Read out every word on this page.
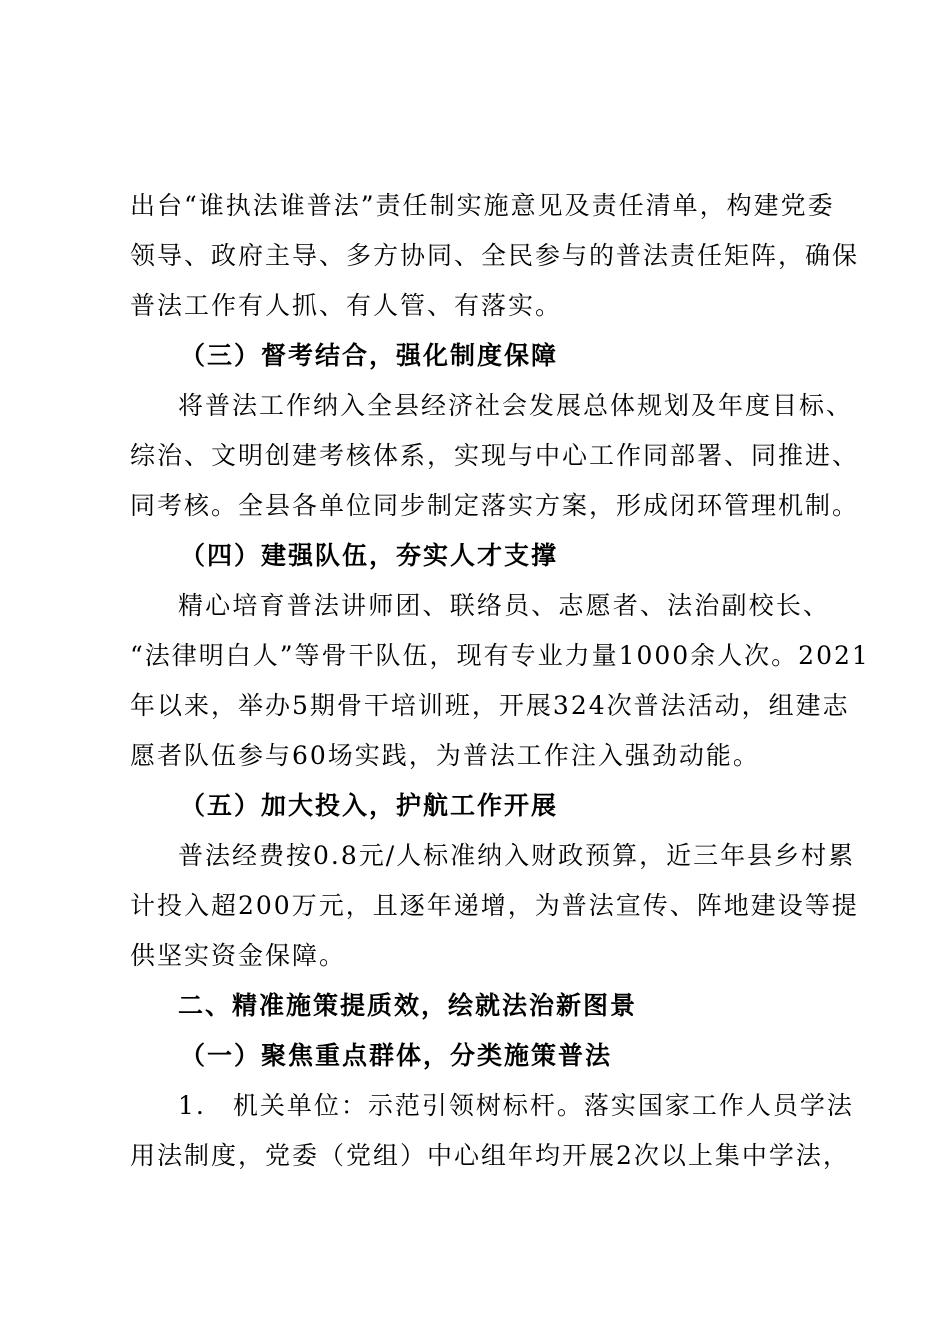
出台“谁执法谁普法”责任制实施意见及责任清单，构建党委
领导、政府主导、多方协同、全民参与的普法责任矩阵，确保
普法工作有人抓、有人管、有落实。
（三）督考结合，强化制度保障
将普法工作纳入全县经济社会发展总体规划及年度目标、
综治、文明创建考核体系，实现与中心工作同部署、同推进、
同考核。全县各单位同步制定落实方案，形成闭环管理机制。
（四）建强队伍，夯实人才支撑
精心培育普法讲师团、联络员、志愿者、法治副校长、
“法律明白人”等骨干队伍，现有专业力量1000余人次。2021
年以来，举办5期骨干培训班，开展324次普法活动，组建志
愿者队伍参与60场实践，为普法工作注入强劲动能。
（五）加大投入，护航工作开展
普法经费按0.8元/人标准纳入财政预算，近三年县乡村累
计投入超200万元，且逐年递增，为普法宣传、阵地建设等提
供坚实资金保障。
二、精准施策提质效，绘就法治新图景
（一）聚焦重点群体，分类施策普法
1.　机关单位：示范引领树标杆。落实国家工作人员学法
用法制度，党委（党组）中心组年均开展2次以上集中学法，
